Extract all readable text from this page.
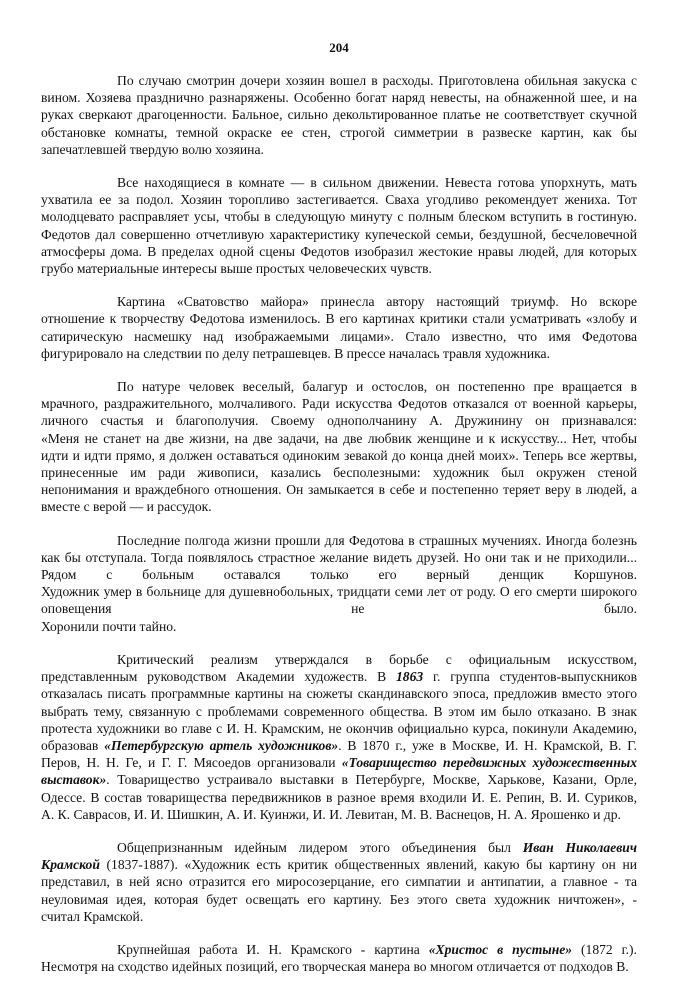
204
По случаю смотрин дочери хозяин вошел в расходы. Приготовлена обильная закуска с
вином. Хозяева празднично разнаряжены. Особенно богат наряд невесты, на обнаженной шее, и на
руках сверкают драгоценности. Бальное, сильно декольтированное платье не соответствует скучной
обстановке комнаты, темной окраске ее стен, строгой симметрии в развеске картин, как бы
запечатлевшей твердую волю хозяина.
Все находящиеся в комнате — в сильном движении. Невеста готова упорхнуть, мать
ухватила ее за подол. Хозяин торопливо застегивается. Сваха угодливо рекомендует жениха. Тот
молодцевато расправляет усы, чтобы в следующую минуту с полным блеском вступить в гостиную.
Федотов дал совершенно отчетливую характеристику купеческой семьи, бездушной, бесчеловечной
атмосферы дома. В пределах одной сцены Федотов изобразил жестокие нравы людей, для которых
грубо материальные интересы выше простых человеческих чувств.
Картина «Сватовство майора» принесла автору настоящий триумф. Но вскоре
отношение к творчеству Федотова изменилось. В его картинах критики стали усматривать «злобу и
сатирическую насмешку над изображаемыми лицами». Стало известно, что имя Федотова
фигурировало на следствии по делу петрашевцев. В прессе началась травля художника.
По натуре человек веселый, балагур и остослов, он постепенно пре вращается в
мрачного, раздражительного, молчаливого. Ради искусства Федотов отказался от военной карьеры,
личного счастья и благополучия. Своему однополчанину А. Дружинину он признавался:
«Меня не станет на две жизни, на две задачи, на две любвик женщине и к искусству... Нет, чтобы
идти и идти прямо, я должен оставаться одиноким зевакой до конца дней моих». Теперь все жертвы,
принесенные им ради живописи, казались бесполезными: художник был окружен стеной
непонимания и враждебного отношения. Он замыкается в себе и постепенно теряет веру в людей, а
вместе с верой — и рассудок.
Последние полгода жизни прошли для Федотова в страшных мучениях. Иногда болезнь
как бы отступала. Тогда появлялось страстное желание видеть друзей. Но они так и не приходили...
Рядом с больным оставался только его верный денщик Коршунов.
Художник умер в больнице для душевнобольных, тридцати семи лет от роду. О его смерти широкого
оповещения не было.
Хоронили почти тайно.
Критический реализм утверждался в борьбе с официальным искусством,
представленным руководством Академии художеств. В 1863 г. группа студентов-выпускников
отказалась писать программные картины на сюжеты скандинавского эпоса, предложив вместо этого
выбрать тему, связанную с проблемами современного общества. В этом им было отказано. В знак
протеста художники во главе с И. Н. Крамским, не окончив официально курса, покинули Академию,
образовав «Петербургскую артель художников». В 1870 г., уже в Москве, И. Н. Крамской, В. Г.
Перов, Н. Н. Ге, и Г. Г. Мясоедов организовали «Товарищество передвижных художественных
выставок». Товарищество устраивало выставки в Петербурге, Москве, Харькове, Казани, Орле,
Одессе. В состав товарищества передвижников в разное время входили И. Е. Репин, В. И. Суриков,
А. К. Саврасов, И. И. Шишкин, А. И. Куинжи, И. И. Левитан, М. В. Васнецов, Н. А. Ярошенко и др.
Общепризнанным идейным лидером этого объединения был Иван Николаевич
Крамской (1837-1887). «Художник есть критик общественных явлений, какую бы картину он ни
представил, в ней ясно отразится его миросозерцание, его симпатии и антипатии, а главное - та
неуловимая идея, которая будет освещать его картину. Без этого света художник ничтожен», -
считал Крамской.
Крупнейшая работа И. Н. Крамского - картина «Христос в пустыне» (1872 г.).
Несмотря на сходство идейных позиций, его творческая манера во многом отличается от подходов В.
